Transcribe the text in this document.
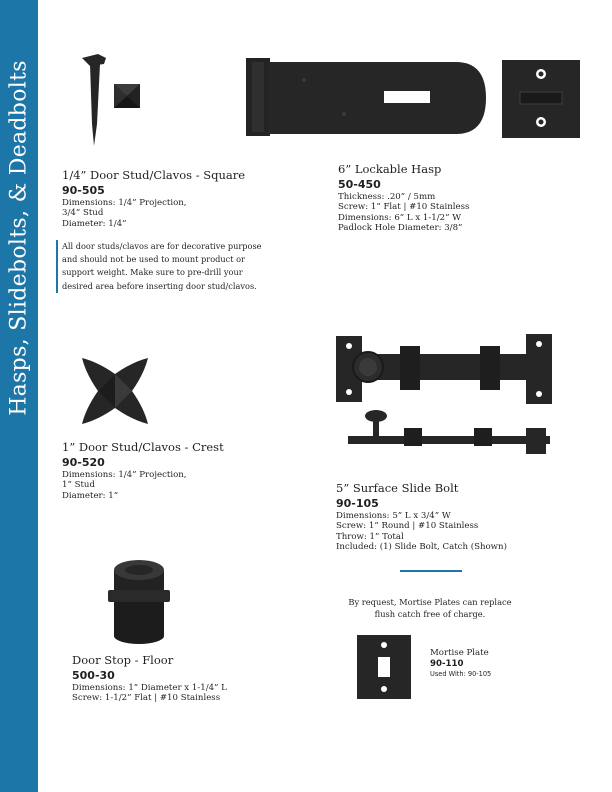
Hasps, Slidebolts, & Deadbolts	1/4” Door Stud/Clavos - Square
90-505
Dimensions: 1/4” Projection,
3/4” Stud
Diameter: 1/4”
All door studs/clavos are for decorative purpose and should not be used to mount product or support weight. Make sure to pre-drill your desired area before inserting door stud/clavos.
6” Lockable Hasp
50-450
Thickness: .20” / 5mm
Screw: 1” Flat | #10 Stainless
Dimensions: 6” L x 1-1/2” W
Padlock Hole Diameter: 3/8”
1” Door Stud/Clavos - Crest
90-520
Dimensions: 1/4” Projection,
1” Stud
Diameter: 1”
5” Surface Slide Bolt
90-105
Dimensions: 5” L x 3/4” W
Screw: 1” Round | #10 Stainless
Throw: 1” Total
Included: (1) Slide Bolt, Catch (Shown)
By request, Mortise Plates can replace flush catch free of charge.
Mortise Plate
90-110
Used With: 90-105
Door Stop - Floor
500-30
Dimensions: 1” Diameter x 1-1/4” L
Screw: 1-1/2” Flat | #10 Stainless
